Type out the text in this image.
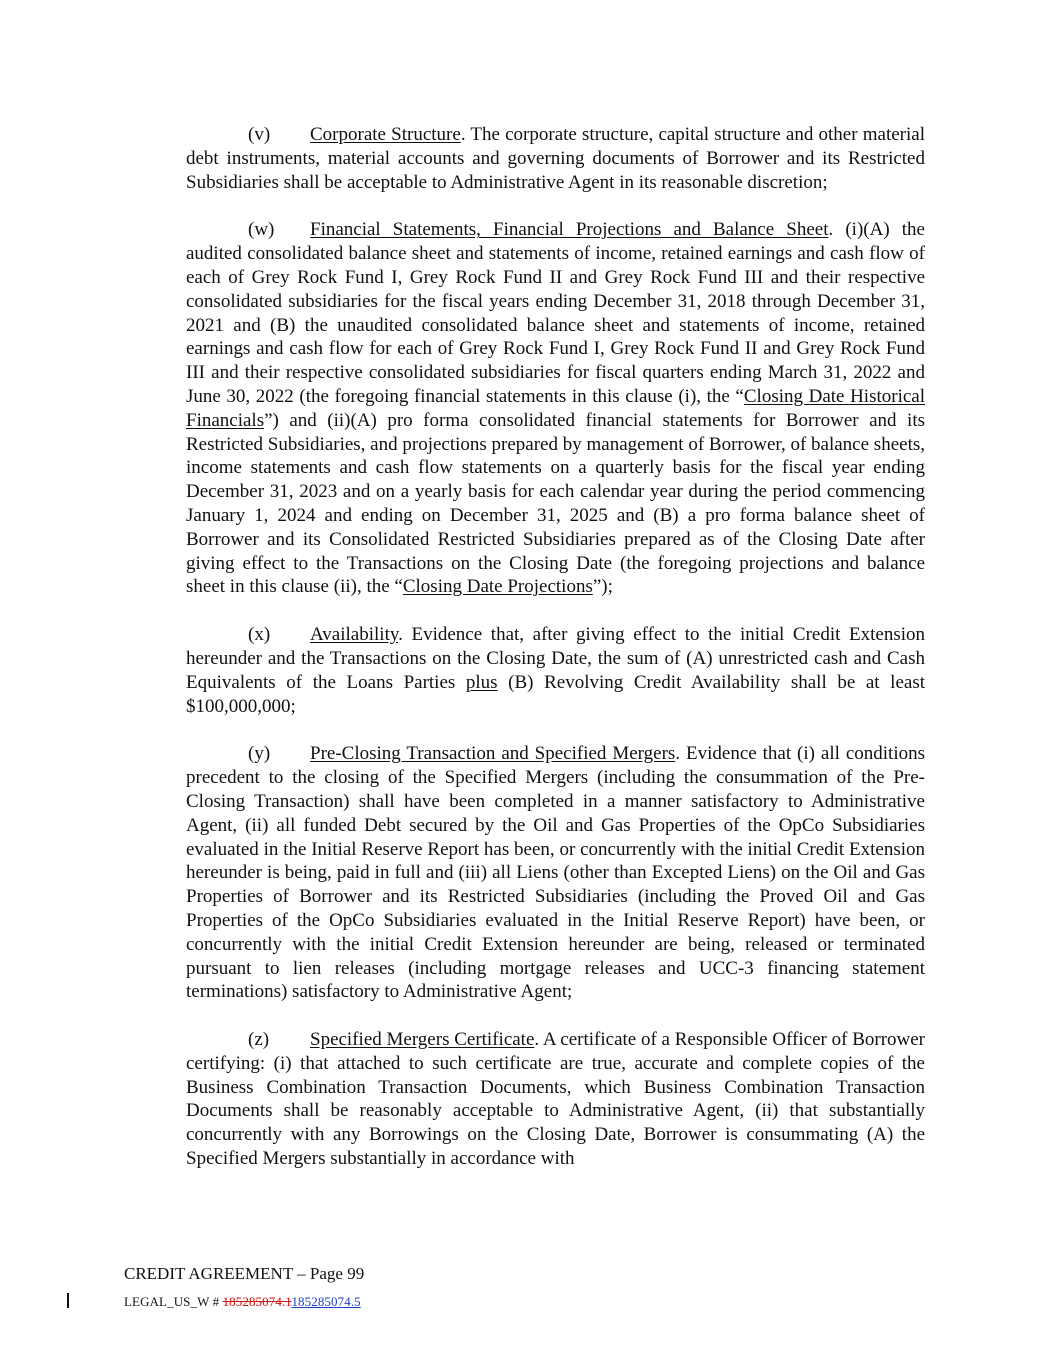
(v) Corporate Structure. The corporate structure, capital structure and other material debt instruments, material accounts and governing documents of Borrower and its Restricted Subsidiaries shall be acceptable to Administrative Agent in its reasonable discretion;

(w) Financial Statements, Financial Projections and Balance Sheet. (i)(A) the audited consolidated balance sheet and statements of income, retained earnings and cash flow of each of Grey Rock Fund I, Grey Rock Fund II and Grey Rock Fund III and their respective consolidated subsidiaries for the fiscal years ending December 31, 2018 through December 31, 2021 and (B) the unaudited consolidated balance sheet and statements of income, retained earnings and cash flow for each of Grey Rock Fund I, Grey Rock Fund II and Grey Rock Fund III and their respective consolidated subsidiaries for fiscal quarters ending March 31, 2022 and June 30, 2022 (the foregoing financial statements in this clause (i), the “Closing Date Historical Financials”) and (ii)(A) pro forma consolidated financial statements for Borrower and its Restricted Subsidiaries, and projections prepared by management of Borrower, of balance sheets, income statements and cash flow statements on a quarterly basis for the fiscal year ending December 31, 2023 and on a yearly basis for each calendar year during the period commencing January 1, 2024 and ending on December 31, 2025 and (B) a pro forma balance sheet of Borrower and its Consolidated Restricted Subsidiaries prepared as of the Closing Date after giving effect to the Transactions on the Closing Date (the foregoing projections and balance sheet in this clause (ii), the “Closing Date Projections”);

(x) Availability. Evidence that, after giving effect to the initial Credit Extension hereunder and the Transactions on the Closing Date, the sum of (A) unrestricted cash and Cash Equivalents of the Loans Parties plus (B) Revolving Credit Availability shall be at least $100,000,000;

(y) Pre-Closing Transaction and Specified Mergers. Evidence that (i) all conditions precedent to the closing of the Specified Mergers (including the consummation of the Pre-Closing Transaction) shall have been completed in a manner satisfactory to Administrative Agent, (ii) all funded Debt secured by the Oil and Gas Properties of the OpCo Subsidiaries evaluated in the Initial Reserve Report has been, or concurrently with the initial Credit Extension hereunder is being, paid in full and (iii) all Liens (other than Excepted Liens) on the Oil and Gas Properties of Borrower and its Restricted Subsidiaries (including the Proved Oil and Gas Properties of the OpCo Subsidiaries evaluated in the Initial Reserve Report) have been, or concurrently with the initial Credit Extension hereunder are being, released or terminated pursuant to lien releases (including mortgage releases and UCC-3 financing statement terminations) satisfactory to Administrative Agent;

(z) Specified Mergers Certificate. A certificate of a Responsible Officer of Borrower certifying: (i) that attached to such certificate are true, accurate and complete copies of the Business Combination Transaction Documents, which Business Combination Transaction Documents shall be reasonably acceptable to Administrative Agent, (ii) that substantially concurrently with any Borrowings on the Closing Date, Borrower is consummating (A) the Specified Mergers substantially in accordance with

CREDIT AGREEMENT – Page 99
LEGAL_US_W # 185285074.1185285074.5
